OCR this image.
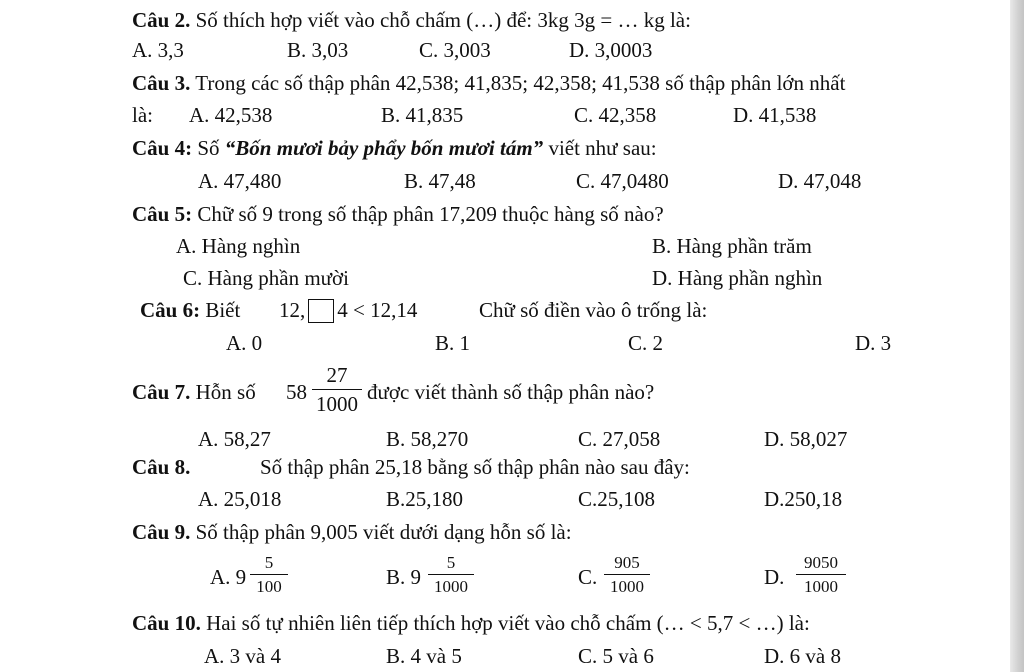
Câu 2. Số thích hợp viết vào chỗ chấm (…) để: 3kg 3g = … kg là:
A. 3,3	B. 3,03	C. 3,003	D. 3,0003
Câu 3. Trong các số thập phân 42,538; 41,835; 42,358; 41,538 số thập phân lớn nhất
là: A. 42,538	B. 41,835	C. 42,358	D. 41,538
Câu 4: Số “Bốn mươi bảy phẩy bốn mươi tám” viết như sau:
A. 47,480	B. 47,48	C. 47,0480	D. 47,048
Câu 5: Chữ số 9 trong số thập phân 17,209 thuộc hàng số nào?
A. Hàng nghìn	B. Hàng phần trăm
C. Hàng phần mười	D. Hàng phần nghìn
Câu 6: Biết 12, 4 < 12,14	Chữ số điền vào ô trống là:
A. 0	B. 1	C. 2	D. 3
Câu 7. Hỗn số $58 \frac{27}{1000}$ được viết thành số thập phân nào?
A. 58,27	B. 58,270	C. 27,058	D. 58,027
Câu 8.	Số thập phân 25,18 bằng số thập phân nào sau đây:
A. 25,018	B.25,180	C.25,108	D.250,18
Câu 9. Số thập phân 9,005 viết dưới dạng hỗn số là:
A. $9 \frac{5}{100}$	B. $9 \frac{5}{1000}$	C. $\frac{905}{1000}$	D. $\frac{9050}{1000}$
Câu 10. Hai số tự nhiên liên tiếp thích hợp viết vào chỗ chấm (… < 5,7 < …) là:
A. 3 và 4	B. 4 và 5	C. 5 và 6	D. 6 và 8
